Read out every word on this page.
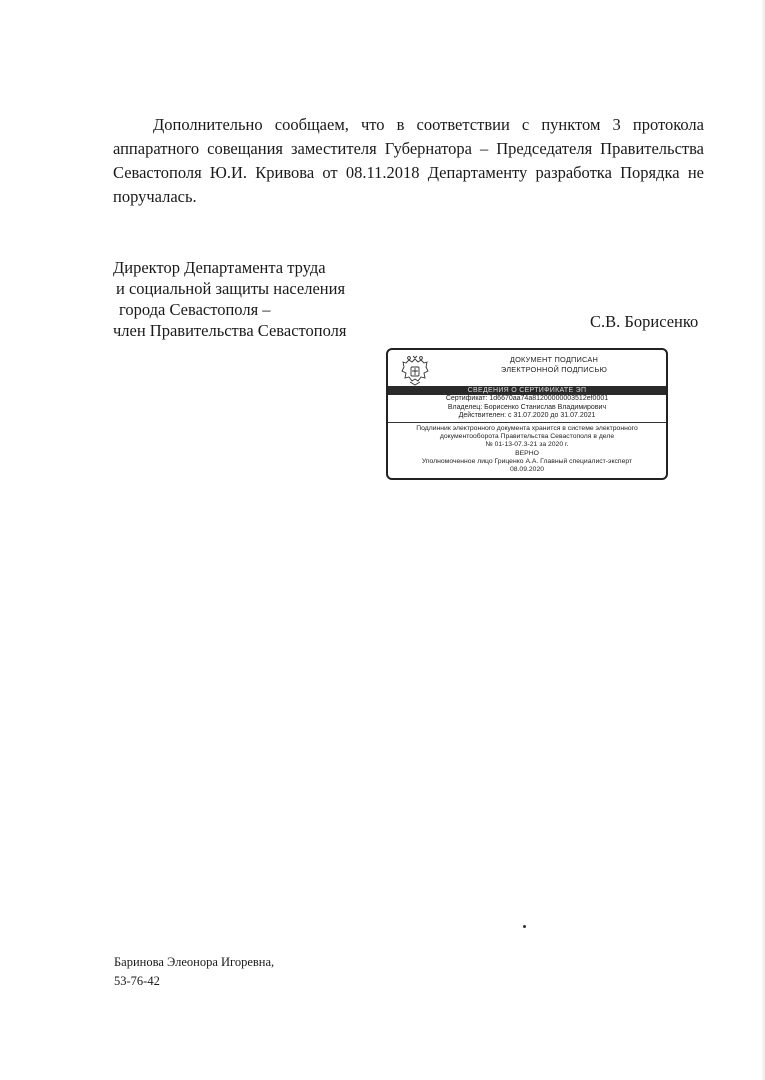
Дополнительно сообщаем, что в соответствии с пунктом 3 протокола аппаратного совещания заместителя Губернатора – Председателя Правительства Севастополя Ю.И. Кривова от 08.11.2018 Департаменту разработка Порядка не поручалась.

Директор Департамента труда
и социальной защиты населения
города Севастополя –
член Правительства Севастополя	С.В. Борисенко
ДОКУМЕНТ ПОДПИСАН
ЭЛЕКТРОННОЙ ПОДПИСЬЮ
СВЕДЕНИЯ О СЕРТИФИКАТЕ ЭП
Сертификат: 1d6670aa74a81200000003512ef0001
Владелец: Борисенко Станислав Владимирович
Действителен: с 31.07.2020 до 31.07.2021
Подлинник электронного документа хранится в системе электронного
документооборота Правительства Севастополя в деле
№ 01-13-07.3-21 за 2020 г.
ВЕРНО
Уполномоченное лицо Гриценко А.А. Главный специалист-эксперт
08.09.2020
Баринова Элеонора Игоревна,
53-76-42
